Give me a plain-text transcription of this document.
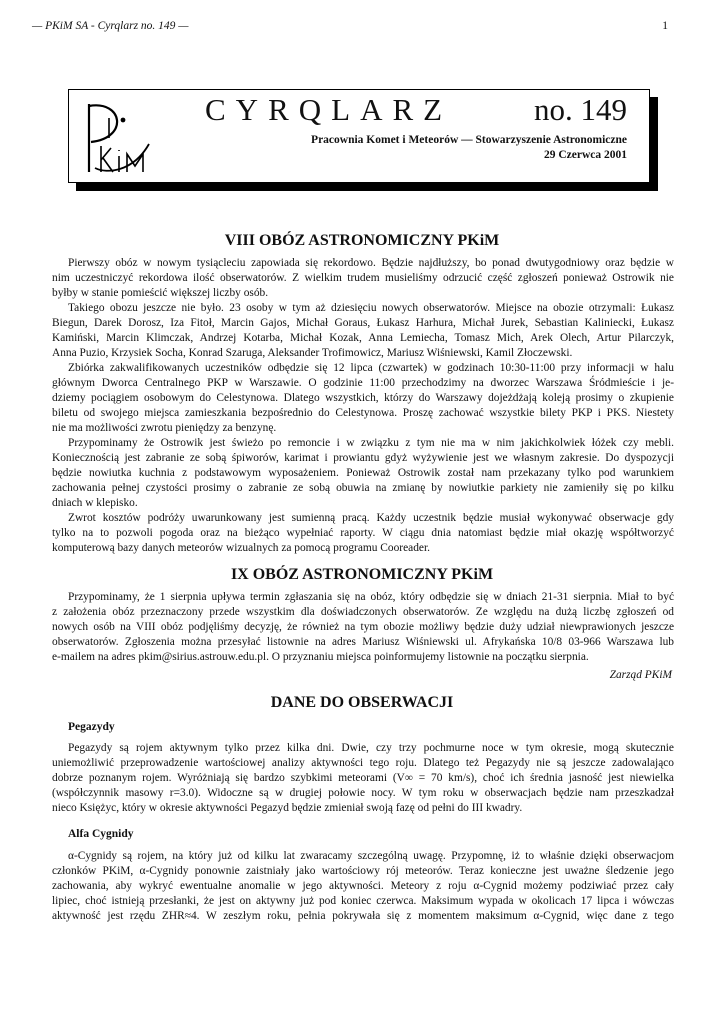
— PKiM SA - Cyrqlarz no. 149 —	1
CYRQLARZ	no. 149
Pracownia Komet i Meteorów — Stowarzyszenie Astronomiczne
29 Czerwca 2001
VIII OBÓZ ASTRONOMICZNY PKiM
Pierwszy obóz w nowym tysiącleciu zapowiada się rekordowo. Będzie najdłuższy, bo ponad dwutygodniowy oraz będzie w
nim uczestniczyć rekordowa ilość obserwatorów. Z wielkim trudem musieliśmy odrzucić część zgłoszeń ponieważ Ostrowik nie
byłby w stanie pomieścić większej liczby osób.
Takiego obozu jeszcze nie było. 23 osoby w tym aż dziesięciu nowych obserwatorów. Miejsce na obozie otrzymali: Łukasz
Biegun, Darek Dorosz, Iza Fitoł, Marcin Gajos, Michał Goraus, Łukasz Harhura, Michał Jurek, Sebastian Kaliniecki, Łukasz
Kamiński, Marcin Klimczak, Andrzej Kotarba, Michał Kozak, Anna Lemiecha, Tomasz Mich, Arek Olech, Artur Pilarczyk,
Anna Puzio, Krzysiek Socha, Konrad Szaruga, Aleksander Trofimowicz, Mariusz Wiśniewski, Kamil Złoczewski.
Zbiórka zakwalifikowanych uczestników odbędzie się 12 lipca (czwartek) w godzinach 10:30-11:00 przy informacji w halu
głównym Dworca Centralnego PKP w Warszawie. O godzinie 11:00 przechodzimy na dworzec Warszawa Śródmieście i je-
dziemy pociągiem osobowym do Celestynowa. Dlatego wszystkich, którzy do Warszawy dojeżdżają koleją prosimy o zkupienie
biletu od swojego miejsca zamieszkania bezpośrednio do Celestynowa. Proszę zachować wszystkie bilety PKP i PKS. Niestety
nie ma możliwości zwrotu pieniędzy za benzynę.
Przypominamy że Ostrowik jest świeżo po remoncie i w związku z tym nie ma w nim jakichkolwiek łóżek czy mebli.
Koniecznością jest zabranie ze sobą śpiworów, karimat i prowiantu gdyż wyżywienie jest we własnym zakresie. Do dyspozycji
będzie nowiutka kuchnia z podstawowym wyposażeniem. Ponieważ Ostrowik został nam przekazany tylko pod warunkiem
zachowania pełnej czystości prosimy o zabranie ze sobą obuwia na zmianę by nowiutkie parkiety nie zamieniły się po kilku
dniach w klepisko.
Zwrot kosztów podróży uwarunkowany jest sumienną pracą. Każdy uczestnik będzie musiał wykonywać obserwacje gdy
tylko na to pozwoli pogoda oraz na bieżąco wypełniać raporty. W ciągu dnia natomiast będzie miał okazję współtworzyć
komputerową bazy danych meteorów wizualnych za pomocą programu Cooreader.
IX OBÓZ ASTRONOMICZNY PKiM
Przypominamy, że 1 sierpnia upływa termin zgłaszania się na obóz, który odbędzie się w dniach 21-31 sierpnia. Miał to być
z założenia obóz przeznaczony przede wszystkim dla doświadczonych obserwatorów. Ze względu na dużą liczbę zgłoszeń od
nowych osób na VIII obóz podjęliśmy decyzję, że również na tym obozie możliwy będzie duży udział niewprawionych jeszcze
obserwatorów. Zgłoszenia można przesyłać listownie na adres Mariusz Wiśniewski ul. Afrykańska 10/8 03-966 Warszawa lub
e-mailem na adres pkim@sirius.astrouw.edu.pl. O przyznaniu miejsca poinformujemy listownie na początku sierpnia.
Zarząd PKiM
DANE DO OBSERWACJI
Pegazydy
Pegazydy są rojem aktywnym tylko przez kilka dni. Dwie, czy trzy pochmurne noce w tym okresie, mogą skutecznie
uniemożliwić przeprowadzenie wartościowej analizy aktywności tego roju. Dlatego też Pegazydy nie są jeszcze zadowalająco
dobrze poznanym rojem. Wyróżniają się bardzo szybkimi meteorami (V∞ = 70 km/s), choć ich średnia jasność jest niewielka
(współczynnik masowy r=3.0). Widoczne są w drugiej połowie nocy. W tym roku w obserwacjach będzie nam przeszkadzał
nieco Księżyc, który w okresie aktywności Pegazyd będzie zmieniał swoją fazę od pełni do III kwadry.
Alfa Cygnidy
α-Cygnidy są rojem, na który już od kilku lat zwaracamy szczególną uwagę. Przypomnę, iż to właśnie dzięki obserwacjom
członków PKiM, α-Cygnidy ponownie zaistniały jako wartościowy rój meteorów. Teraz konieczne jest uważne śledzenie jego
zachowania, aby wykryć ewentualne anomalie w jego aktywności. Meteory z roju α-Cygnid możemy podziwiać przez cały
lipiec, choć istnieją przesłanki, że jest on aktywny już pod koniec czerwca. Maksimum wypada w okolicach 17 lipca i wówczas
aktywność jest rzędu ZHR≈4. W zeszłym roku, pełnia pokrywała się z momentem maksimum α-Cygnid, więc dane z tego
